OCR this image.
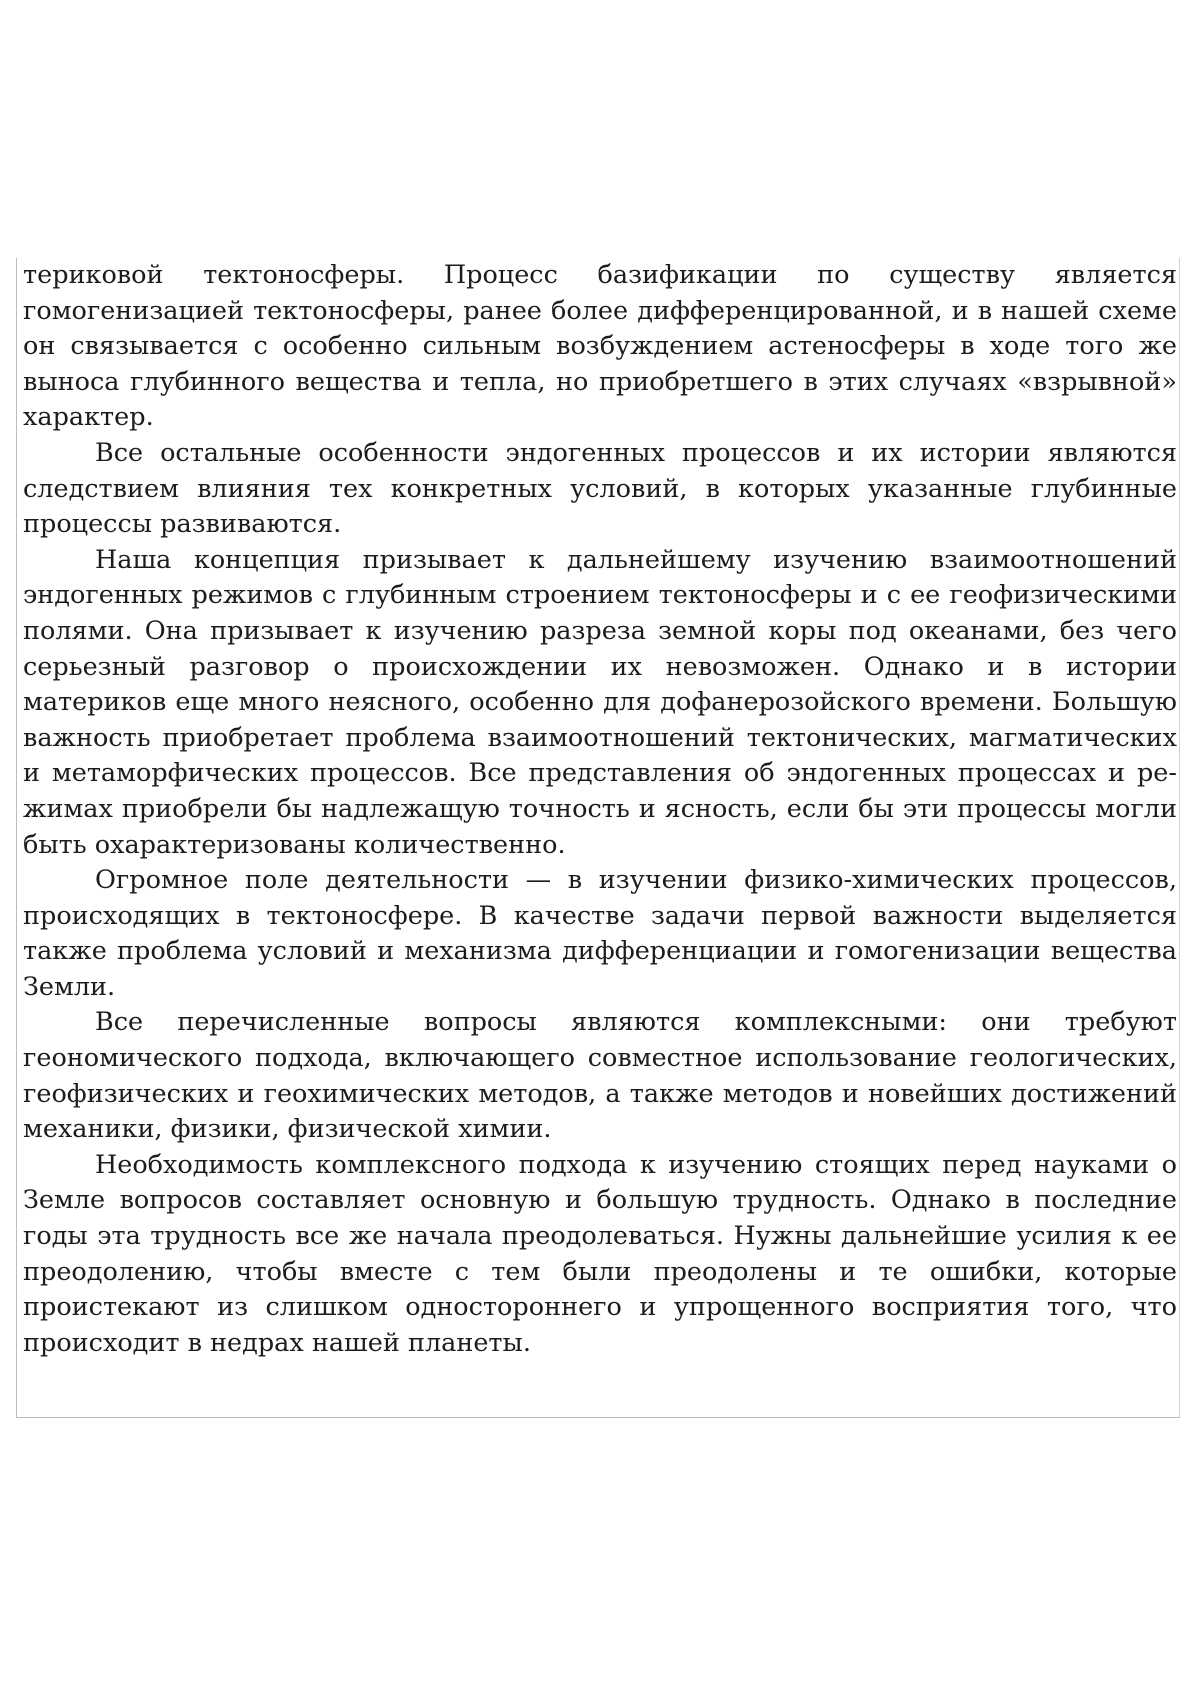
териковой тектоносферы. Процесс базификации по существу является гомогенизацией тектоносферы, ранее более дифференцированной, и в нашей схеме он связывается с особенно сильным возбуждением астеносферы в ходе того же выноса глубинного вещества и тепла, но приобретшего в этих случаях «взрывной» характер.

Все остальные особенности эндогенных процессов и их истории являются следствием влияния тех конкретных условий, в которых указанные глубинные процессы развиваются.

Наша концепция призывает к дальнейшему изучению взаимоотношений эндогенных режимов с глубинным строением тектоносферы и с ее геофизическими полями. Она призывает к изучению разреза земной коры под океанами, без чего серьезный разговор о происхождении их невозможен. Однако и в истории материков еще много неясного, особенно для дофанерозойского времени. Большую важность приобретает проблема взаимоотношений тектонических, магматических и метаморфических процессов. Все представления об эндогенных процессах и режимах приобрели бы надлежащую точность и ясность, если бы эти процессы могли быть охарактеризованы количественно.

Огромное поле деятельности — в изучении физико-химических процессов, происходящих в тектоносфере. В качестве задачи первой важности выделяется также проблема условий и механизма дифференциации и гомогенизации вещества Земли.

Все перечисленные вопросы являются комплексными: они требуют геономического подхода, включающего совместное использование геологических, геофизических и геохимических методов, а также методов и новейших достижений механики, физики, физической химии.

Необходимость комплексного подхода к изучению стоящих перед науками о Земле вопросов составляет основную и большую трудность. Однако в последние годы эта трудность все же начала преодолеваться. Нужны дальнейшие усилия к ее преодолению, чтобы вместе с тем были преодолены и те ошибки, которые проистекают из слишком одностороннего и упрощенного восприятия того, что происходит в недрах нашей планеты.
